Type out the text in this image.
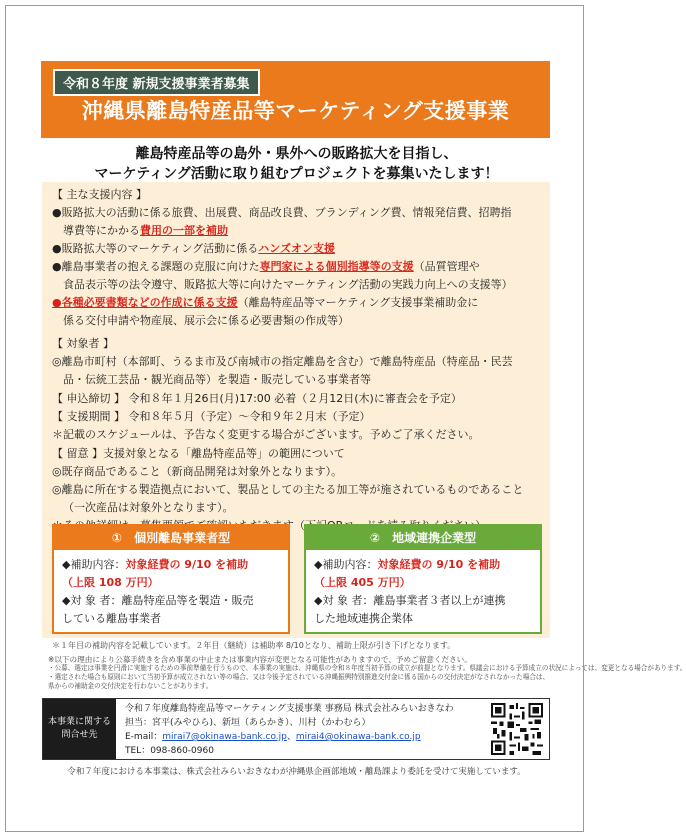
令和８年度 新規支援事業者募集
沖縄県離島特産品等マーケティング支援事業
離島特産品等の島外・県外への販路拡大を目指し、
マーケティング活動に取り組むプロジェクトを募集いたします！
【 主な支援内容 】
●販路拡大の活動に係る旅費、出展費、商品改良費、ブランディング費、情報発信費、招聘指
導費等にかかる費用の一部を補助
●販路拡大等のマーケティング活動に係るハンズオン支援
●離島事業者の抱える課題の克服に向けた専門家による個別指導等の支援（品質管理や
食品表示等の法令遵守、販路拡大等に向けたマーケティング活動の実践力向上への支援等）
●各種必要書類などの作成に係る支援（離島特産品等マーケティング支援事業補助金に
係る交付申請や物産展、展示会に係る必要書類の作成等）
【 対象者 】
◎離島市町村（本部町、うるま市及び南城市の指定離島を含む）で離島特産品（特産品・民芸
品・伝統工芸品・観光商品等）を製造・販売している事業者等
【 申込締切 】 令和８年１月26日(月)17:00 必着（２月12日(木)に審査会を予定）
【 支援期間 】 令和８年５月（予定）～令和９年２月末（予定）
＊記載のスケジュールは、予告なく変更する場合がございます。予めご了承ください。
【 留意 】支援対象となる「離島特産品等」の範囲について
◎既存商品であること（新商品開発は対象外となります）。
◎離島に所在する製造拠点において、製品としての主たる加工等が施されているものであること
（一次産品は対象外となります）。
①　個別離島事業者型
◆補助内容：対象経費の 9/10 を補助
（上限 108 万円）
◆対 象 者：離島特産品等を製造・販売
している離島事業者
②　地域連携企業型
◆補助内容：対象経費の 9/10 を補助
（上限 405 万円）
◆対 象 者：離島事業者３者以上が連携
した地域連携企業体
＊１年目の補助内容を記載しています。２年目（継続）は補助率 8/10となり、補助上限が引き下げとなります。
※以下の理由により公募手続きを含め事業の中止または事業内容が変更となる可能性がありますので、予めご留意ください。
・公募、選定は事業を円滑に実施するための事前準備を行うもので、本事業の実施は、沖縄県の令和８年度当初予算の成立が前提となります。県議会における予算成立の状況によっては、変更となる場合があります。
・選定された場合も原則において当初予算が成立されない等の場合、又は今後予定されている沖縄振興特別推進交付金に係る国からの交付決定がなされなかった場合は、
県からの補助金の交付決定を行わないことがあります。
本事業に関する
問合せ先
令和７年度離島特産品等マーケティング支援事業 事務局 株式会社みらいおきなわ
担当：宮平(みやひら)、新垣（あらかき）、川村（かわむら）
E-mail：mirai7@okinawa-bank.co.jp、mirai4@okinawa-bank.co.jp
TEL：098-860-0960
令和７年度における本事業は、株式会社みらいおきなわが沖縄県企画部地域・離島課より委託を受けて実施しています。
